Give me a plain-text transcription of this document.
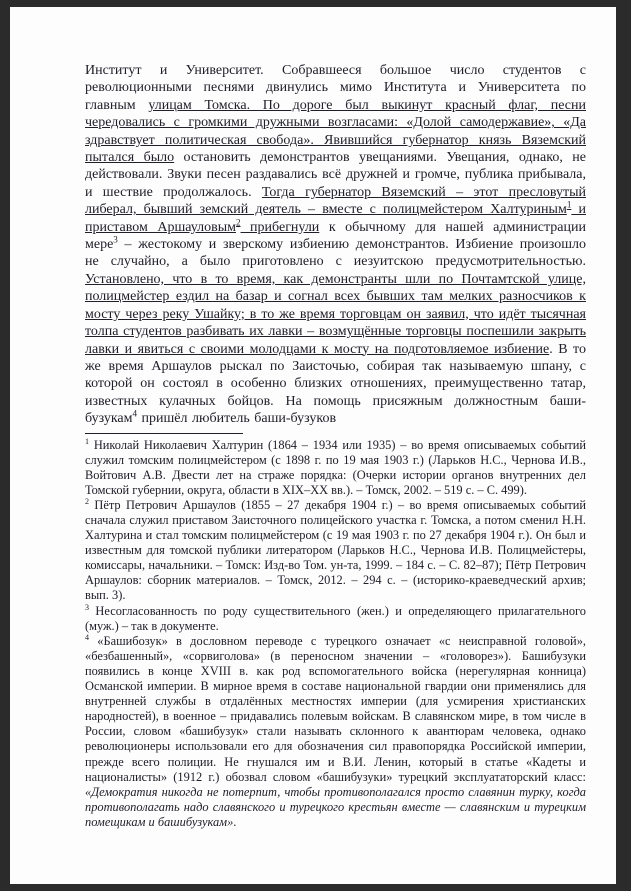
Институт и Университет. Собравшееся большое число студентов с революционными песнями двинулись мимо Института и Университета по главным улицам Томска. По дороге был выкинут красный флаг, песни чередовались с громкими дружными возгласами: «Долой самодержавие», «Да здравствует политическая свобода». Явившийся губернатор князь Вяземский пытался было остановить демонстрантов увещаниями. Увещания, однако, не действовали. Звуки песен раздавались всё дружней и громче, публика прибывала, и шествие продолжалось. Тогда губернатор Вяземский – этот пресловутый либерал, бывший земский деятель – вместе с полицмейстером Халтуриным$^1$ и приставом Аршауловым$^2$ прибегнули к обычному для нашей администрации мере$^3$ – жестокому и зверскому избиению демонстрантов. Избиение произошло не случайно, а было приготовлено с иезуитскою предусмотрительностью. Установлено, что в то время, как демонстранты шли по Почтамтской улице, полицмейстер ездил на базар и согнал всех бывших там мелких разносчиков к мосту через реку Ушайку; в то же время торговцам он заявил, что идёт тысячная толпа студентов разбивать их лавки – возмущённые торговцы поспешили закрыть лавки и явиться с своими молодцами к мосту на подготовляемое избиение. В то же время Аршаулов рыскал по Заисточью, собирая так называемую шпану, с которой он состоял в особенно близких отношениях, преимущественно татар, известных кулачных бойцов. На помощь присяжным должностным баши-бузукам$^4$ пришёл любитель баши-бузуков

$^1$ Николай Николаевич Халтурин (1864 – 1934 или 1935) – во время описываемых событий служил томским полицмейстером (с 1898 г. по 19 мая 1903 г.) (Ларьков Н.С., Чернова И.В., Войтович А.В. Двести лет на страже порядка: (Очерки истории органов внутренних дел Томской губернии, округа, области в XIX–XX вв.). – Томск, 2002. – 519 с. – С. 499).

$^2$ Пётр Петрович Аршаулов (1855 – 27 декабря 1904 г.) – во время описываемых событий сначала служил приставом Заисточного полицейского участка г. Томска, а потом сменил Н.Н. Халтурина и стал томским полицмейстером (с 19 мая 1903 г. по 27 декабря 1904 г.). Он был и известным для томской публики литератором (Ларьков Н.С., Чернова И.В. Полицмейстеры, комиссары, начальники. – Томск: Изд-во Том. ун-та, 1999. – 184 с. – С. 82–87); Пётр Петрович Аршаулов: сборник материалов. – Томск, 2012. – 294 с. – (историко-краеведческий архив; вып. 3).

$^3$ Несогласованность по роду существительного (жен.) и определяющего прилагательного (муж.) – так в документе.

$^4$ «Башибозук» в дословном переводе с турецкого означает «с неисправной головой», «безбашенный», «сорвиголова» (в переносном значении – «головорез»). Башибузуки появились в конце XVIII в. как род вспомогательного войска (нерегулярная конница) Османской империи. В мирное время в составе национальной гвардии они применялись для внутренней службы в отдалённых местностях империи (для усмирения христианских народностей), в военное – придавались полевым войскам. В славянском мире, в том числе в России, словом «башибузук» стали называть склонного к авантюрам человека, однако революционеры использовали его для обозначения сил правопорядка Российской империи, прежде всего полиции. Не гнушался им и В.И. Ленин, который в статье «Кадеты и националисты» (1912 г.) обозвал словом «башибузуки» турецкий эксплуататорский класс: «Демократия никогда не потерпит, чтобы противополагался просто славянин турку, когда противополагать надо славянского и турецкого крестьян вместе — славянским и турецким помещикам и башибузукам».
